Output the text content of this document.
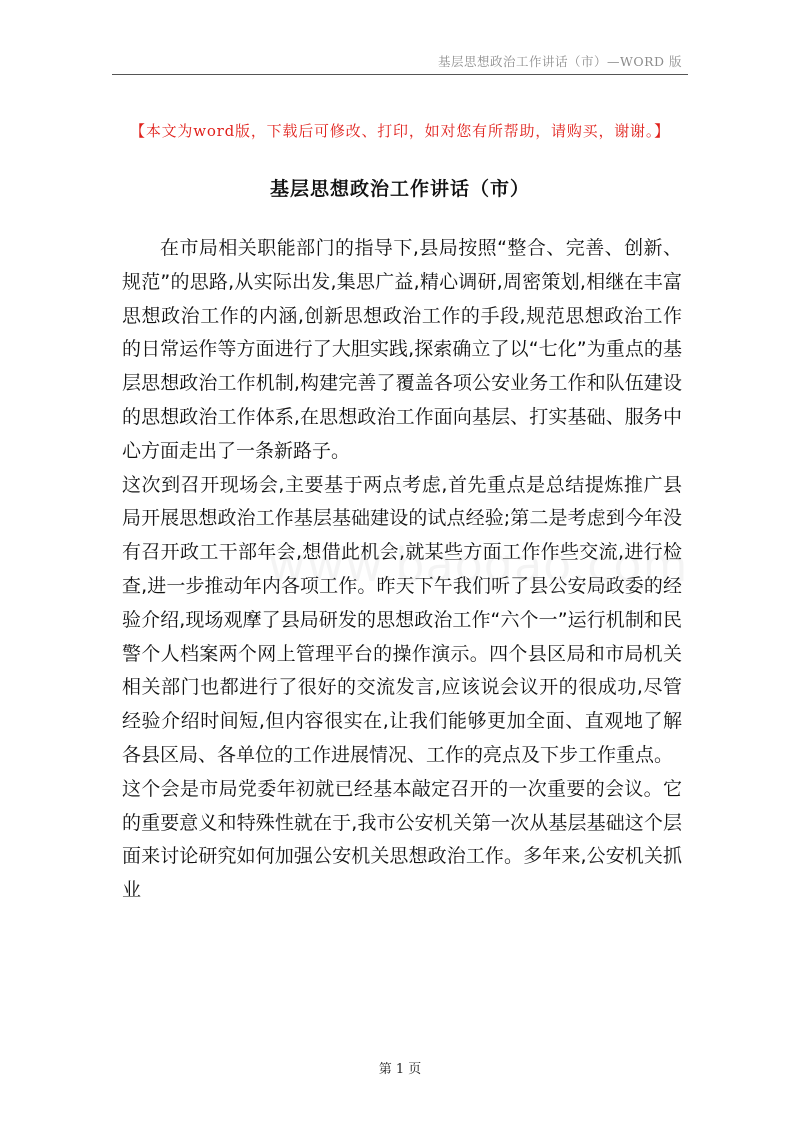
基层思想政治工作讲话（市）—WORD 版
【本文为word版，下载后可修改、打印，如对您有所帮助，请购买，谢谢。】
基层思想政治工作讲话（市）

在市局相关职能部门的指导下,县局按照“整合、完善、创新、规范”的思路,从实际出发,集思广益,精心调研,周密策划,相继在丰富思想政治工作的内涵,创新思想政治工作的手段,规范思想政治工作的日常运作等方面进行了大胆实践,探索确立了以“七化”为重点的基层思想政治工作机制,构建完善了覆盖各项公安业务工作和队伍建设的思想政治工作体系,在思想政治工作面向基层、打实基础、服务中心方面走出了一条新路子。

这次到召开现场会,主要基于两点考虑,首先重点是总结提炼推广县局开展思想政治工作基层基础建设的试点经验;第二是考虑到今年没有召开政工干部年会,想借此机会,就某些方面工作作些交流,进行检查,进一步推动年内各项工作。昨天下午我们听了县公安局政委的经验介绍,现场观摩了县局研发的思想政治工作“六个一”运行机制和民警个人档案两个网上管理平台的操作演示。四个县区局和市局机关相关部门也都进行了很好的交流发言,应该说会议开的很成功,尽管经验介绍时间短,但内容很实在,让我们能够更加全面、直观地了解各县区局、各单位的工作进展情况、工作的亮点及下步工作重点。

这个会是市局党委年初就已经基本敲定召开的一次重要的会议。它的重要意义和特殊性就在于,我市公安机关第一次从基层基础这个层面来讨论研究如何加强公安机关思想政治工作。多年来,公安机关抓业

第 1 页
